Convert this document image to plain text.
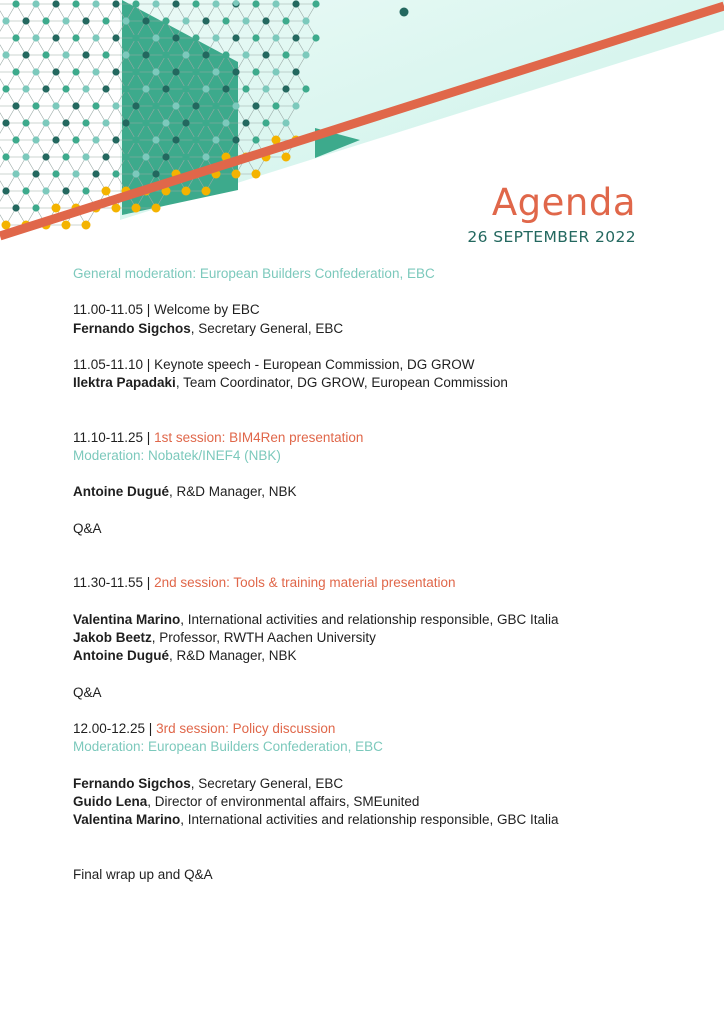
Agenda
26 SEPTEMBER 2022
General moderation: European Builders Confederation, EBC
11.00-11.05 | Welcome by EBC
Fernando Sigchos, Secretary General, EBC
11.05-11.10 | Keynote speech - European Commission, DG GROW
Ilektra Papadaki, Team Coordinator, DG GROW, European Commission
11.10-11.25 | 1st session: BIM4Ren presentation
Moderation: Nobatek/INEF4 (NBK)
Antoine Dugué, R&D Manager, NBK
Q&A
11.30-11.55 | 2nd session: Tools & training material presentation
Valentina Marino, International activities and relationship responsible, GBC Italia
Jakob Beetz, Professor, RWTH Aachen University
Antoine Dugué, R&D Manager, NBK
Q&A
12.00-12.25 | 3rd session: Policy discussion
Moderation: European Builders Confederation, EBC
Fernando Sigchos, Secretary General, EBC
Guido Lena, Director of environmental affairs, SMEunited
Valentina Marino, International activities and relationship responsible, GBC Italia
Final wrap up and Q&A
